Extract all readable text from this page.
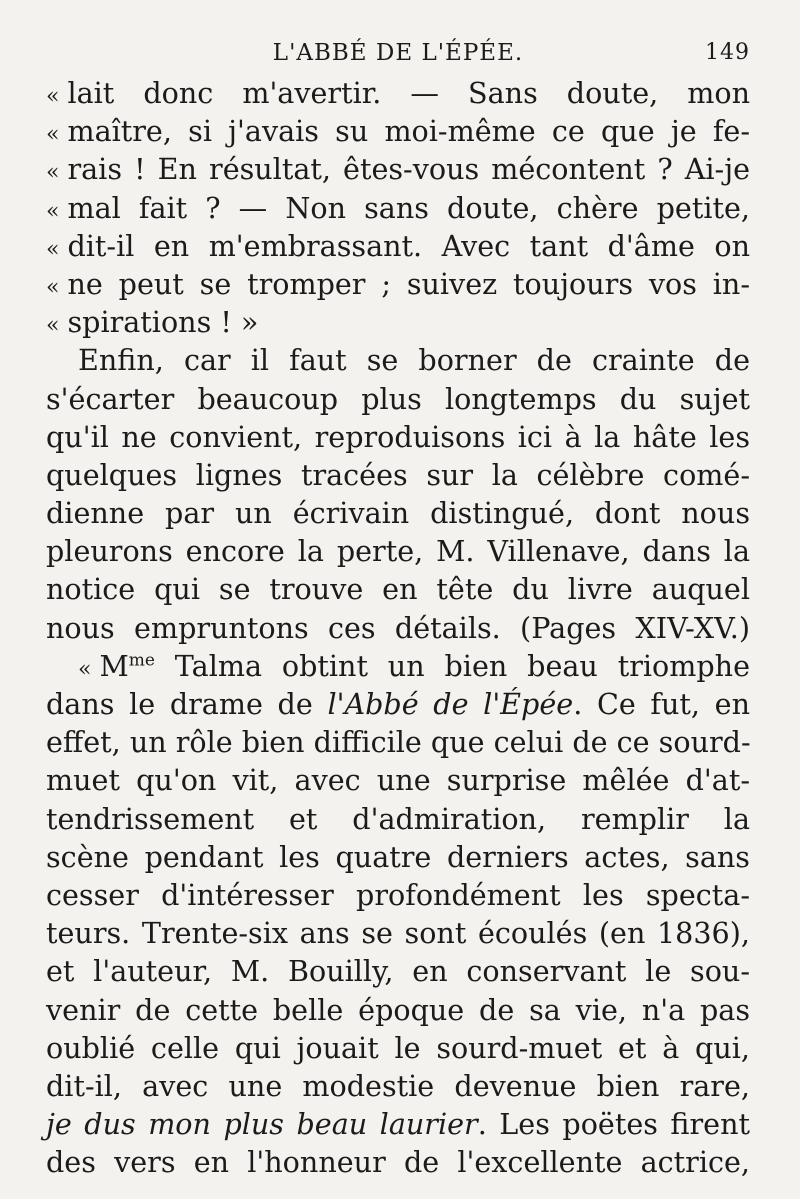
L'ABBÉ DE L'ÉPÉE.	149
« lait donc m'avertir. — Sans doute, mon
« maître, si j'avais su moi-même ce que je fe-
« rais ! En résultat, êtes-vous mécontent ? Ai-je
« mal fait ? — Non sans doute, chère petite,
« dit-il en m'embrassant. Avec tant d'âme on
« ne peut se tromper ; suivez toujours vos in-
« spirations ! »
Enfin, car il faut se borner de crainte de
s'écarter beaucoup plus longtemps du sujet
qu'il ne convient, reproduisons ici à la hâte les
quelques lignes tracées sur la célèbre comé-
dienne par un écrivain distingué, dont nous
pleurons encore la perte, M. Villenave, dans la
notice qui se trouve en tête du livre auquel
nous empruntons ces détails. (Pages XIV-XV.)
« $M^{me}$ Talma obtint un bien beau triomphe
dans le drame de l'Abbé de l'Épée. Ce fut, en
effet, un rôle bien difficile que celui de ce sourd-
muet qu'on vit, avec une surprise mêlée d'at-
tendrissement et d'admiration, remplir la
scène pendant les quatre derniers actes, sans
cesser d'intéresser profondément les specta-
teurs. Trente-six ans se sont écoulés (en 1836),
et l'auteur, M. Bouilly, en conservant le sou-
venir de cette belle époque de sa vie, n'a pas
oublié celle qui jouait le sourd-muet et à qui,
dit-il, avec une modestie devenue bien rare,
je dus mon plus beau laurier. Les poëtes firent
des vers en l'honneur de l'excellente actrice,
